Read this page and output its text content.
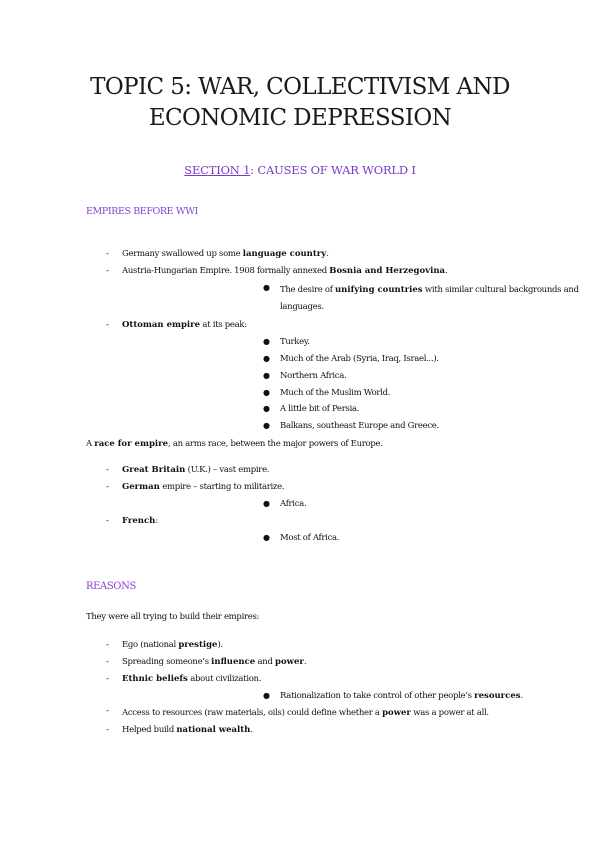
TOPIC 5: WAR, COLLECTIVISM AND
ECONOMIC DEPRESSION
SECTION 1: CAUSES OF WAR WORLD I
EMPIRES BEFORE WWI
- Germany swallowed up some language country.
- Austria-Hungarian Empire. 1908 formally annexed Bosnia and Herzegovina.
● The desire of unifying countries with similar cultural backgrounds and languages.
- Ottoman empire at its peak:
● Turkey.
● Much of the Arab (Syria, Iraq, Israel...).
● Northern Africa.
● Much of the Muslim World.
● A little bit of Persia.
● Balkans, southeast Europe and Greece.

A race for empire, an arms race, between the major powers of Europe.

- Great Britain (U.K.) – vast empire.
- German empire – starting to militarize.
● Africa.
- French:
● Most of Africa.
REASONS

They were all trying to build their empires:

- Ego (national prestige).
- Spreading someone’s influence and power.
- Ethnic beliefs about civilization.
● Rationalization to take control of other people’s resources.
- Access to resources (raw materials, oils) could define whether a power was a power at all.
- Helped build national wealth.
